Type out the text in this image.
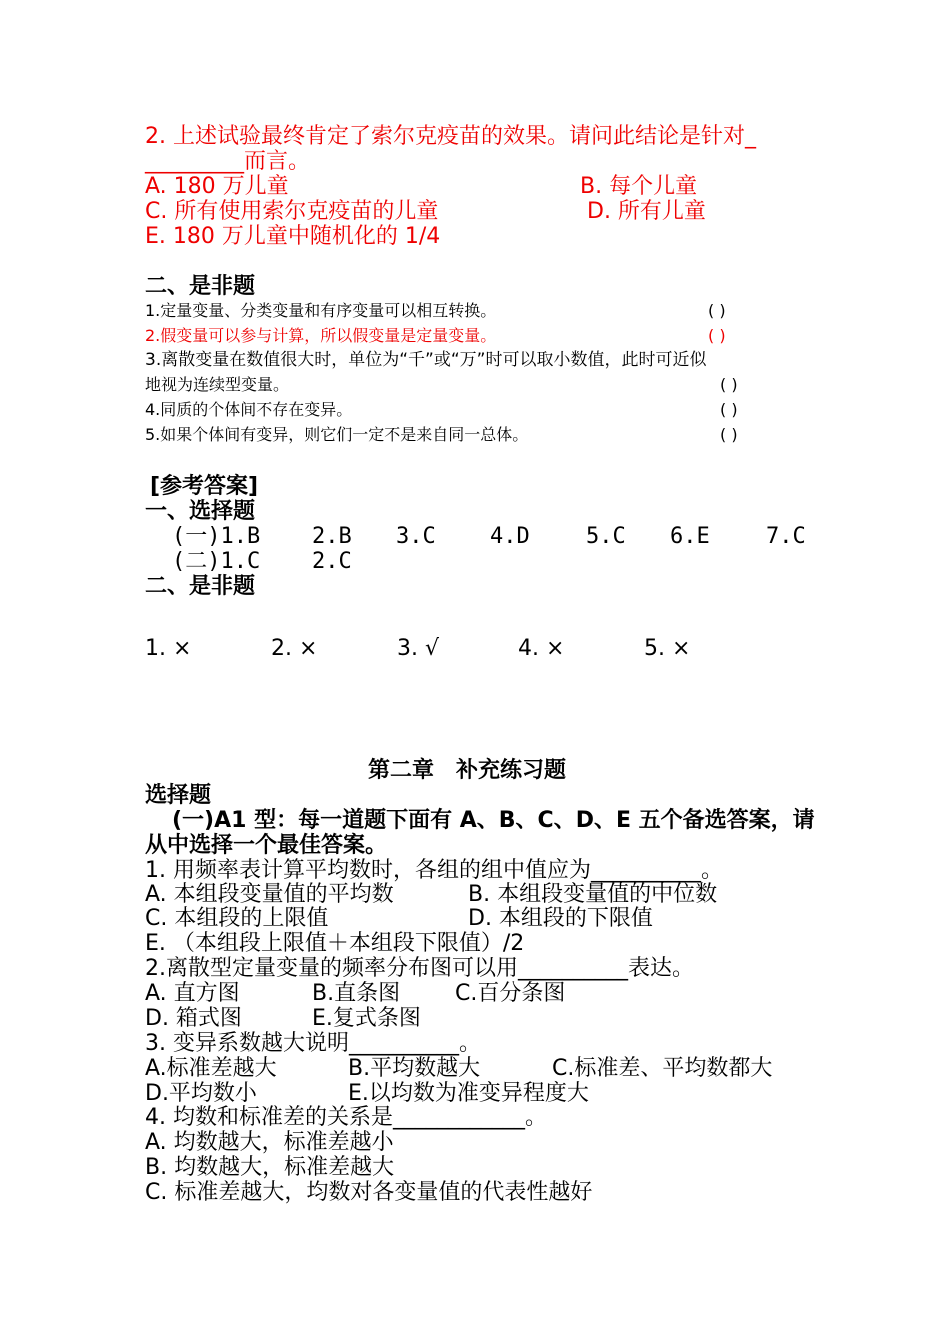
2. 上述试验最终肯定了索尔克疫苗的效果。请问此结论是针对_
_________而言。
A. 180 万儿童	B. 每个儿童
C. 所有使用索尔克疫苗的儿童	D. 所有儿童
E. 180 万儿童中随机化的 1/4
二、是非题
1.定量变量、分类变量和有序变量可以相互转换。	( )
2.假变量可以参与计算，所以假变量是定量变量。	( )
3.离散变量在数值很大时，单位为“千”或“万”时可以取小数值，此时可近似
地视为连续型变量。	( )
4.同质的个体间不存在变异。	( )
5.如果个体间有变异，则它们一定不是来自同一总体。	( )
[参考答案]
一、选择题
(一)1.B 2.B 3.C 4.D	5.C 6.E	7.C
(二)1.C 2.C
二、是非题
1. ×	2. ×	3. √	4. ×	5. ×
第二章　补充练习题
选择题
(一)A1 型：每一道题下面有 A、B、C、D、E 五个备选答案，请
从中选择一个最佳答案。
1. 用频率表计算平均数时，各组的组中值应为__________。
A. 本组段变量值的平均数	B. 本组段变量值的中位数
C. 本组段的上限值	D. 本组段的下限值
E. （本组段上限值＋本组段下限值）/2
2.离散型定量变量的频率分布图可以用__________表达。
A. 直方图	B.直条图 C.百分条图
D. 箱式图	E.复式条图
3. 变异系数越大说明__________。
A.标准差越大	B.平均数越大	C.标准差、平均数都大
D.平均数小	E.以均数为准变异程度大
4. 均数和标准差的关系是____________。
A. 均数越大，标准差越小
B. 均数越大，标准差越大
C. 标准差越大，均数对各变量值的代表性越好
